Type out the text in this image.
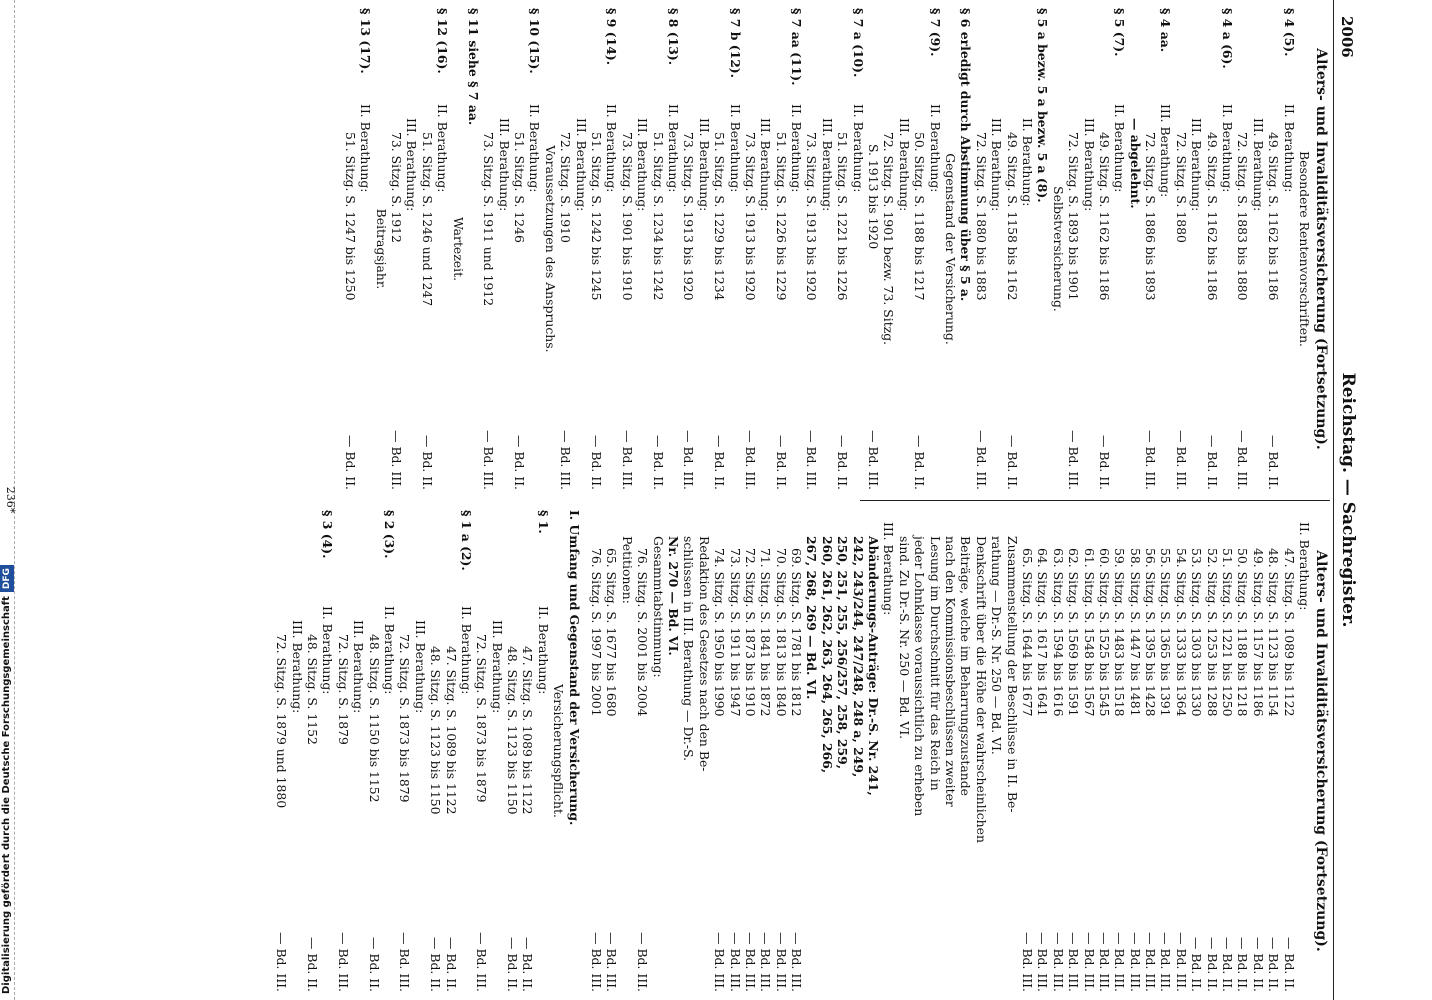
Digitalisierung gefördert durch die Deutsche ForschungsgemeinschaftDFG
2006
Reichstag. — Sachregister.
Alters- und Invaliditätsversicherung (Fortsetzung).
Besondere Rentenvorschriften.
§ 4 (5).II. Berathung:
— Bd. II.
49. Sitzg. S. 1162 bis 1186
III. Berathung:
— Bd. III.
72. Sitzg. S. 1883 bis 1880
§ 4 a (6).II. Berathung:
— Bd. II.
49. Sitzg. S. 1162 bis 1186
III. Berathung:
— Bd. III.
72. Sitzg. S. 1880
§ 4 aa.III. Berathung:
— Bd. III.
72. Sitzg. S. 1886 bis 1893
— abgelehnt.
§ 5 (7).II. Berathung:
— Bd. II.
49. Sitzg. S. 1162 bis 1186
III. Berathung:
— Bd. III.
72. Sitzg. S. 1893 bis 1901
Selbstversicherung.
§ 5 a bezw. 5 a bezw. 5 a (8).
II. Berathung:
— Bd. II.
49. Sitzg. S. 1158 bis 1162
III. Berathung:
— Bd. III.
72. Sitzg. S. 1880 bis 1883
§ 6 erledigt durch Abstimmung über § 5 a.
Gegenstand der Versicherung.
§ 7 (9).II. Berathung:
— Bd. II.
50. Sitzg. S. 1188 bis 1217
III. Berathung:
72. Sitzg. S. 1901 bezw. 73. Sitzg.
— Bd. III.
S. 1913 bis 1920
§ 7 a (10).II. Berathung:
— Bd. II.
51. Sitzg. S. 1221 bis 1226
III. Berathung:
— Bd. III.
73. Sitzg. S. 1913 bis 1920
§ 7 aa (11).II. Berathung:
— Bd. II.
51. Sitzg. S. 1226 bis 1229
III. Berathung:
— Bd. III.
73. Sitzg. S. 1913 bis 1920
§ 7 b (12).II. Berathung:
— Bd. II.
51. Sitzg. S. 1229 bis 1234
III. Berathung:
— Bd. III.
73. Sitzg. S. 1913 bis 1920
§ 8 (13).II. Berathung:
— Bd. II.
51. Sitzg. S. 1234 bis 1242
III. Berathung:
— Bd. III.
73. Sitzg. S. 1901 bis 1910
§ 9 (14).II. Berathung:
— Bd. II.
51. Sitzg. S. 1242 bis 1245
III. Berathung:
— Bd. III.
72. Sitzg. S. 1910
Voraussetzungen des Anspruchs.
§ 10 (15).II. Berathung:
— Bd. II.
51. Sitzg. S. 1246
III. Berathung:
— Bd. III.
73. Sitzg. S. 1911 und 1912
§ 11 siehe § 7 aa.
Wartezeit.
§ 12 (16).II. Berathung:
— Bd. II.
51. Sitzg. S. 1246 und 1247
III. Berathung:
— Bd. III.
73. Sitzg. S. 1912
Beitragsjahr.
§ 13 (17).II. Berathung:
— Bd. II.
51. Sitzg. S. 1247 bis 1250
Alters- und Invaliditätsversicherung (Fortsetzung).
II. Berathung:
— Bd. II.
47. Sitzg. S. 1089 bis 1122
— Bd. II.
48. Sitzg. S. 1123 bis 1154
— Bd. II.
49. Sitzg. S. 1157 bis 1186
— Bd. II.
50. Sitzg. S. 1188 bis 1218
— Bd. II.
51. Sitzg. S. 1221 bis 1250
— Bd. II.
52. Sitzg. S. 1253 bis 1288
— Bd. II.
53. Sitzg. S. 1303 bis 1330
— Bd. III.
54. Sitzg. S. 1333 bis 1364
— Bd. III.
55. Sitzg. S. 1365 bis 1391
— Bd. III.
56. Sitzg. S. 1395 bis 1428
— Bd. III.
58. Sitzg. S. 1447 bis 1481
— Bd. III.
59. Sitzg. S. 1483 bis 1518
— Bd. III.
60. Sitzg. S. 1525 bis 1545
— Bd. III.
61. Sitzg. S. 1548 bis 1567
— Bd. III.
62. Sitzg. S. 1569 bis 1591
— Bd. III.
63. Sitzg. S. 1594 bis 1616
— Bd. III.
64. Sitzg. S. 1617 bis 1641
— Bd. III.
65. Sitzg. S. 1644 bis 1677
Zusammenstellung der Beschlüsse in II. Be-
rathung — Dr.-S. Nr. 250 — Bd. VI.
Denkschrift über die Höhe der wahrscheinlichen
Beiträge, welche im Beharrungszustande
nach den Kommissionsbeschlüssen zweiter
Lesung im Durchschnitt für das Reich in
jeder Lohnklasse voraussichtlich zu erheben
sind. Zu Dr.-S. Nr. 250 — Bd. VI.
III. Berathung:
Abänderungs-Anträge: Dr.-S. Nr. 241,
242, 243/244, 247/248, 248 a, 249,
250, 251, 255, 256/257, 258, 259,
260, 261, 262, 263, 264, 265, 266,
267, 268, 269 — Bd. VI.
— Bd. III.
69. Sitzg. S. 1781 bis 1812
— Bd. III.
70. Sitzg. S. 1813 bis 1840
— Bd. III.
71. Sitzg. S. 1841 bis 1872
— Bd. III.
72. Sitzg. S. 1873 bis 1910
— Bd. III.
73. Sitzg. S. 1911 bis 1947
— Bd. III.
74. Sitzg. S. 1950 bis 1990
Redaktion des Gesetzes nach den Be-
schlüssen in III. Berathung — Dr.-S.
Nr. 270 — Bd. VI.
Gesammtabstimmung:
— Bd. III.
76. Sitzg. S. 2001 bis 2004
Petitionen:
— Bd. III.
65. Sitzg. S. 1677 bis 1680
— Bd. III.
76. Sitzg. S. 1997 bis 2001
I. Umfang und Gegenstand der Versicherung.
Versicherungspflicht.
§ 1.II. Berathung:
— Bd. II.
47. Sitzg. S. 1089 bis 1122
— Bd. II.
48. Sitzg. S. 1123 bis 1150
III. Berathung:
— Bd. III.
72. Sitzg. S. 1873 bis 1879
§ 1 a (2).II. Berathung:
— Bd. II.
47. Sitzg. S. 1089 bis 1122
— Bd. II.
48. Sitzg. S. 1123 bis 1150
III. Berathung:
— Bd. III.
72. Sitzg. S. 1873 bis 1879
§ 2 (3).II. Berathung:
— Bd. II.
48. Sitzg. S. 1150 bis 1152
III. Berathung:
— Bd. III.
72. Sitzg. S. 1879
§ 3 (4).II. Berathung:
— Bd. II.
48. Sitzg. S. 1152
III. Berathung:
— Bd. III.
72. Sitzg. S. 1879 und 1880
236*
